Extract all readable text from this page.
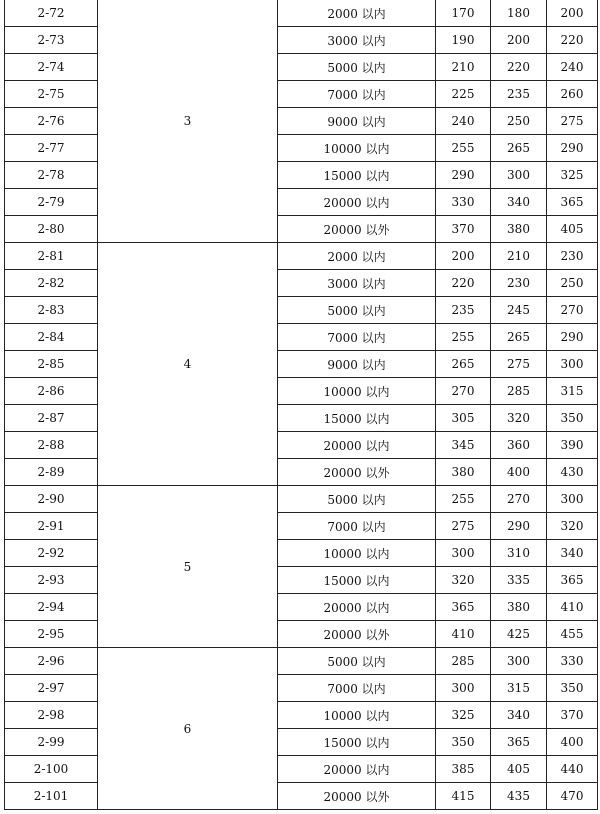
2-72	3	2000 以内	170	180	200
2-73		3000 以内	190	200	220
2-74		5000 以内	210	220	240
2-75		7000 以内	225	235	260
2-76		9000 以内	240	250	275
2-77		10000 以内	255	265	290
2-78		15000 以内	290	300	325
2-79		20000 以内	330	340	365
2-80		20000 以外	370	380	405
2-81	4	2000 以内	200	210	230
2-82		3000 以内	220	230	250
2-83		5000 以内	235	245	270
2-84		7000 以内	255	265	290
2-85		9000 以内	265	275	300
2-86		10000 以内	270	285	315
2-87		15000 以内	305	320	350
2-88		20000 以内	345	360	390
2-89		20000 以外	380	400	430
2-90	5	5000 以内	255	270	300
2-91		7000 以内	275	290	320
2-92		10000 以内	300	310	340
2-93		15000 以内	320	335	365
2-94		20000 以内	365	380	410
2-95		20000 以外	410	425	455
2-96	6	5000 以内	285	300	330
2-97		7000 以内	300	315	350
2-98		10000 以内	325	340	370
2-99		15000 以内	350	365	400
2-100		20000 以内	385	405	440
2-101		20000 以外	415	435	470
